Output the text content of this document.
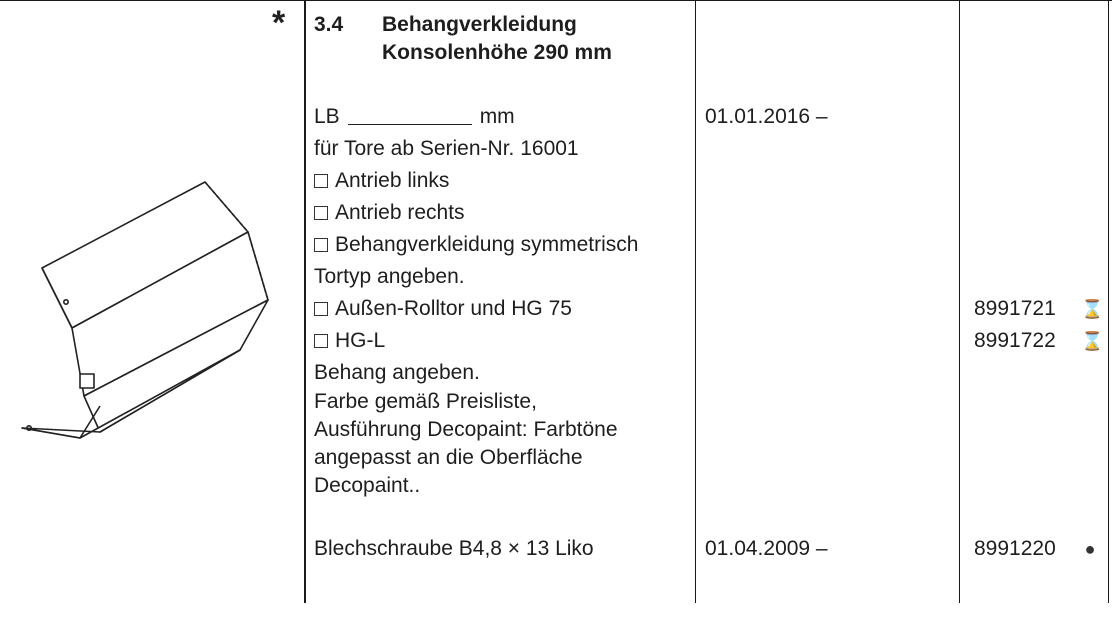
* 3.4 Behangverkleidung
Konsolenhöhe 290 mm
LB	mm
für Tore ab Serien-Nr. 16001
Antrieb links
Antrieb rechts
Behangverkleidung symmetrisch
Tortyp angeben.
Außen-Rolltor und HG 75
HG-L
Behang angeben.
Farbe gemäß Preisliste,
Ausführung Decopaint: Farbtöne
angepasst an die Oberfläche
Decopaint..
Blechschraube B4,8 × 13 Liko
01.01.2016 –
01.04.2009 –
8991721 ⌛
8991722 ⌛
8991220 ●
